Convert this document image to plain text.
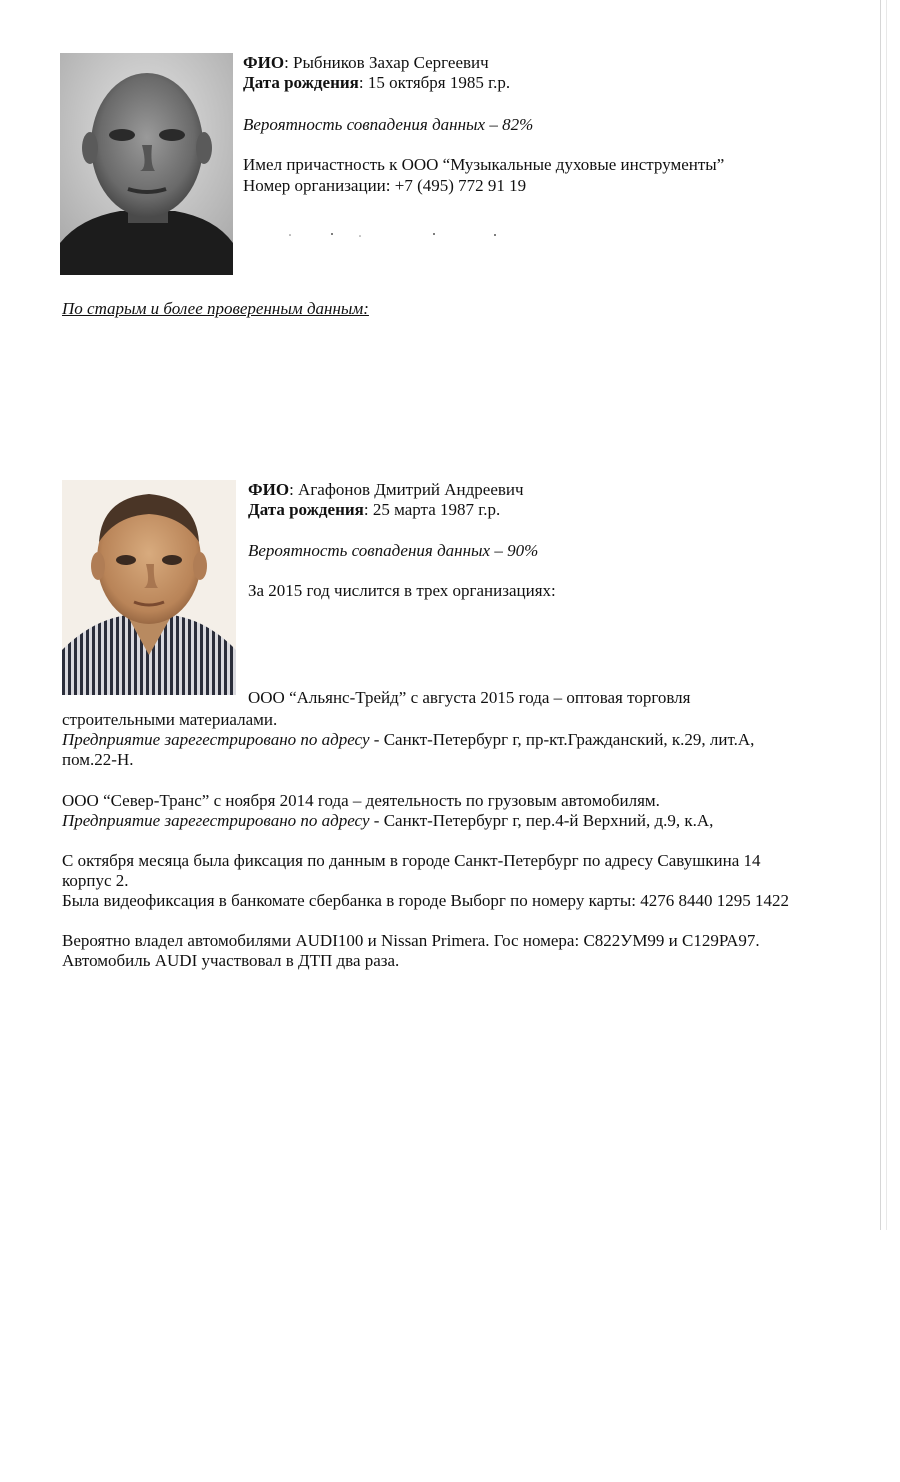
ФИО: Рыбников Захар Сергеевич
Дата рождения: 15 октября 1985 г.р.
Вероятность совпадения данных – 82%
Имел причастность к ООО “Музыкальные духовые инструменты”
Номер организации: +7 (495) 772 91 19
По старым и более проверенным данным:
ФИО: Агафонов Дмитрий Андреевич
Дата рождения: 25 марта 1987 г.р.
Вероятность совпадения данных – 90%
За 2015 год числится в трех организациях:
ООО “Альянс-Трейд” с августа 2015 года – оптовая торговля
строительными материалами.
Предприятие зарегестрировано по адресу - Санкт-Петербург г, пр-кт.Гражданский, к.29, лит.А,
пом.22-Н.
ООО “Север-Транс” с ноября 2014 года – деятельность по грузовым автомобилям.
Предприятие зарегестрировано по адресу - Санкт-Петербург г, пер.4-й Верхний, д.9, к.А,
С октября месяца была фиксация по данным в городе Санкт-Петербург по адресу Савушкина 14
корпус 2.
Была видеофиксация в банкомате сбербанка в городе Выборг по номеру карты: 4276 8440 1295 1422
Вероятно владел автомобилями AUDI100 и Nissan Primera. Гос номера: С822УМ99 и С129РА97.
Автомобиль AUDI участвовал в ДТП два раза.
